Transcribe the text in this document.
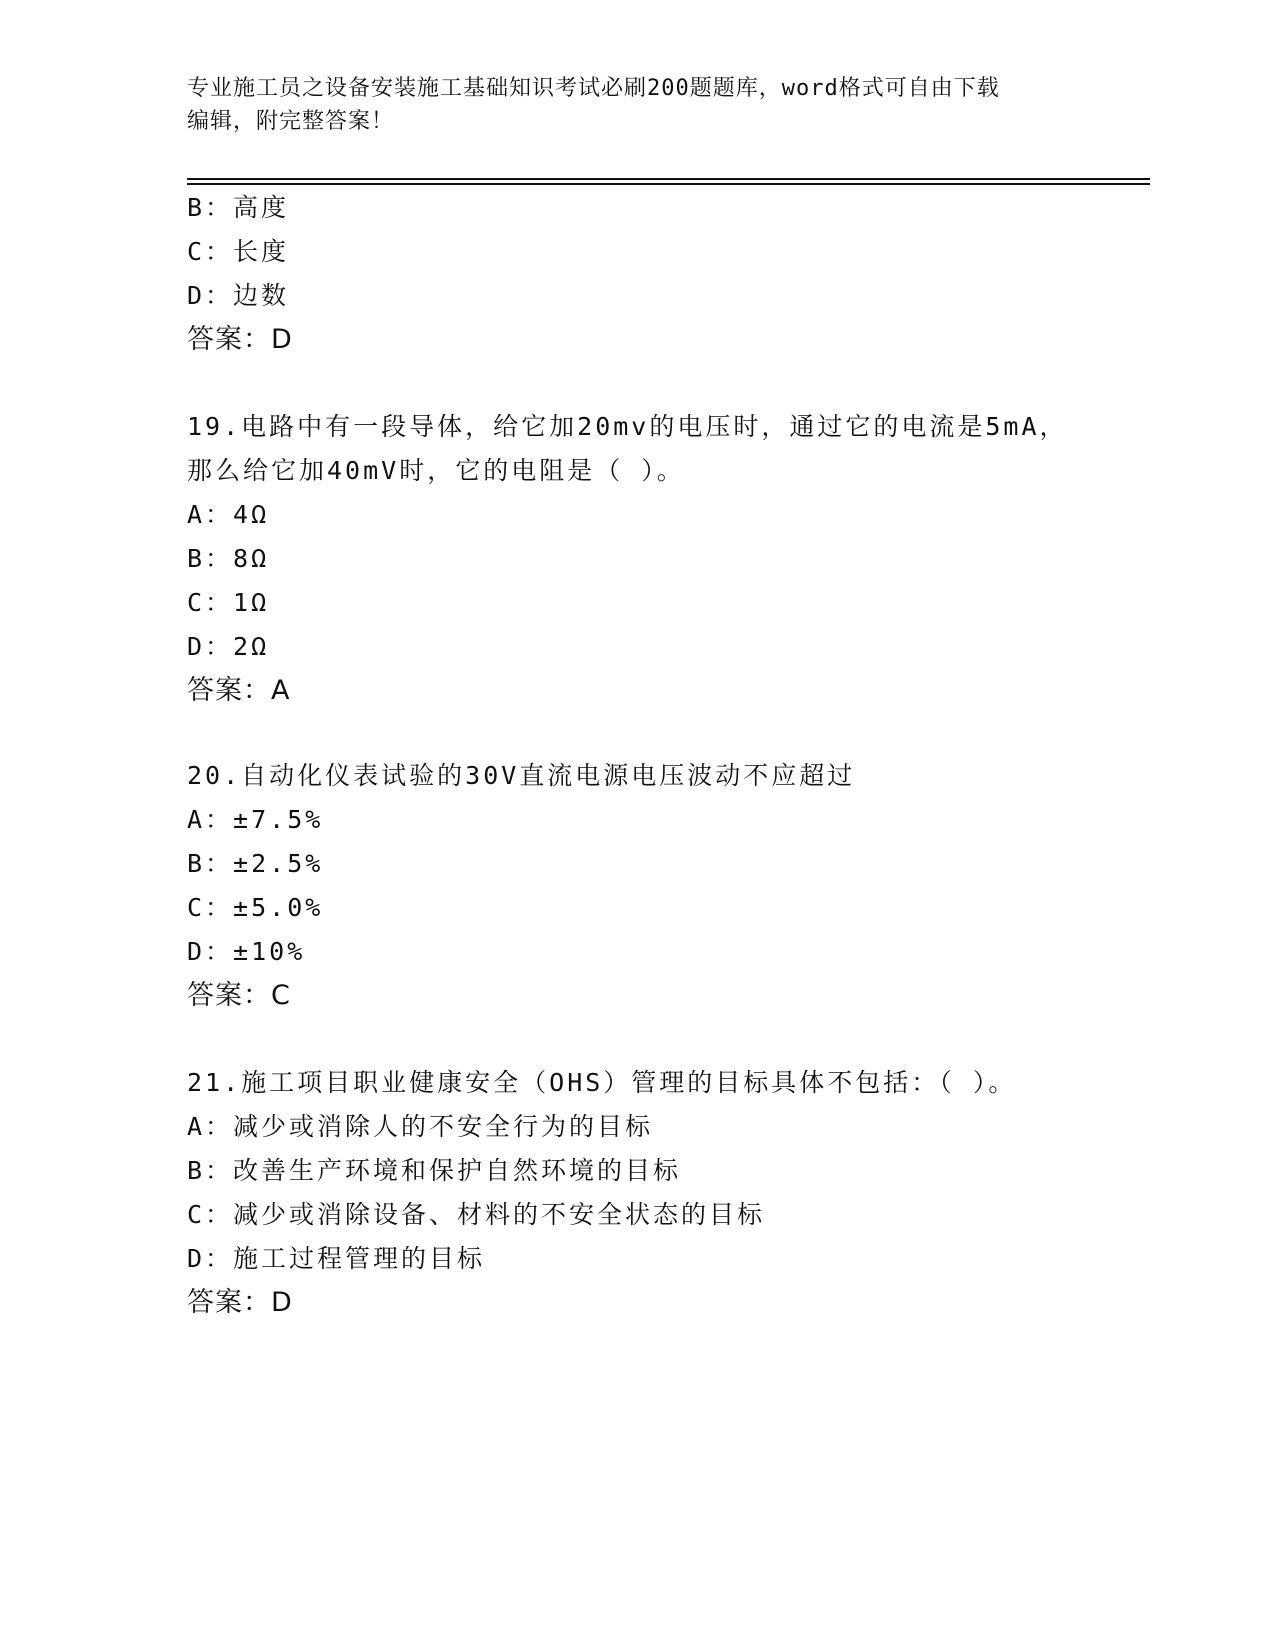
专业施工员之设备安装施工基础知识考试必刷200题题库，word格式可自由下载
编辑，附完整答案！
B：高度
C：长度
D：边数
答案：D
19.电路中有一段导体，给它加20mv的电压时，通过它的电流是5mA，
那么给它加40mV时，它的电阻是（ ）。
A：4Ω
B：8Ω
C：1Ω
D：2Ω
答案：A
20.自动化仪表试验的30V直流电源电压波动不应超过
A：±7.5%
B：±2.5%
C：±5.0%
D：±10%
答案：C
21.施工项目职业健康安全（OHS）管理的目标具体不包括：（ ）。
A：减少或消除人的不安全行为的目标
B：改善生产环境和保护自然环境的目标
C：减少或消除设备、材料的不安全状态的目标
D：施工过程管理的目标
答案：D
